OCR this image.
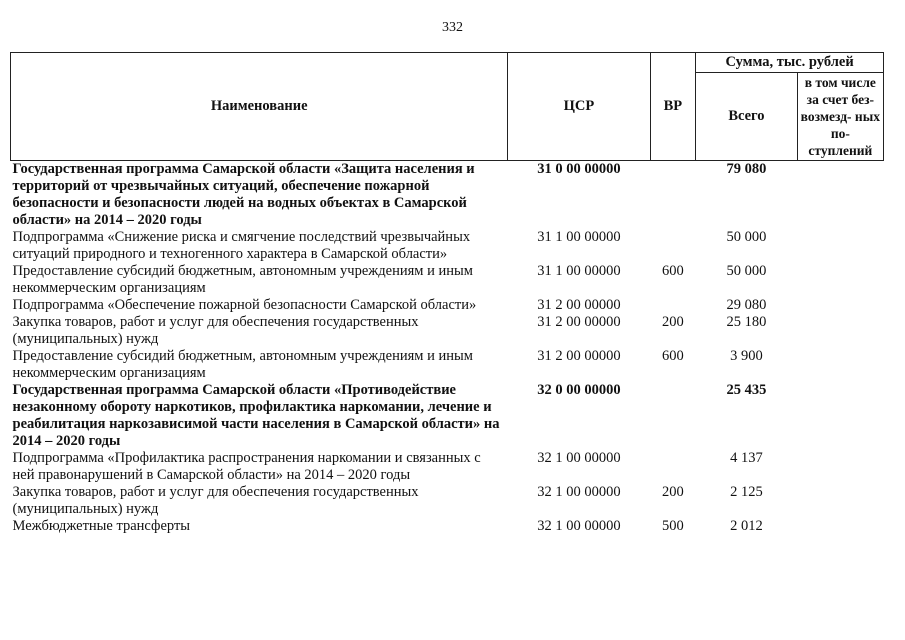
332
Наименование	ЦСР	ВР	Сумма, тыс. рублей	
			Всего	в том числе за счет без- возмезд- ных по- ступлений
Государственная программа Самарской области «Защита населения и территорий от чрезвычайных ситуаций, обеспечение пожарной безопасности и безопасности людей на водных объектах в Самарской области» на 2014 – 2020 годы	31 0 00 00000		79 080	
Подпрограмма «Снижение риска и смягчение последствий чрезвычайных ситуаций природного и техногенного характера в Самарской области»	31 1 00 00000		50 000	
Предоставление субсидий бюджетным, автономным учреждениям и иным некоммерческим организациям	31 1 00 00000	600	50 000	
Подпрограмма «Обеспечение пожарной безопасности Самарской области»	31 2 00 00000		29 080	
Закупка товаров, работ и услуг для обеспечения государственных (муниципальных) нужд	31 2 00 00000	200	25 180	
Предоставление субсидий бюджетным, автономным учреждениям и иным некоммерческим организациям	31 2 00 00000	600	3 900	
Государственная программа Самарской области «Противодействие незаконному обороту наркотиков, профилактика наркомании, лечение и реабилитация наркозависимой части населения в Самарской области» на 2014 – 2020 годы	32 0 00 00000		25 435	
Подпрограмма «Профилактика распространения наркомании и связанных с ней правонарушений в Самарской области» на 2014 – 2020 годы	32 1 00 00000		4 137	
Закупка товаров, работ и услуг для обеспечения государственных (муниципальных) нужд	32 1 00 00000	200	2 125	
Межбюджетные трансферты	32 1 00 00000	500	2 012	
